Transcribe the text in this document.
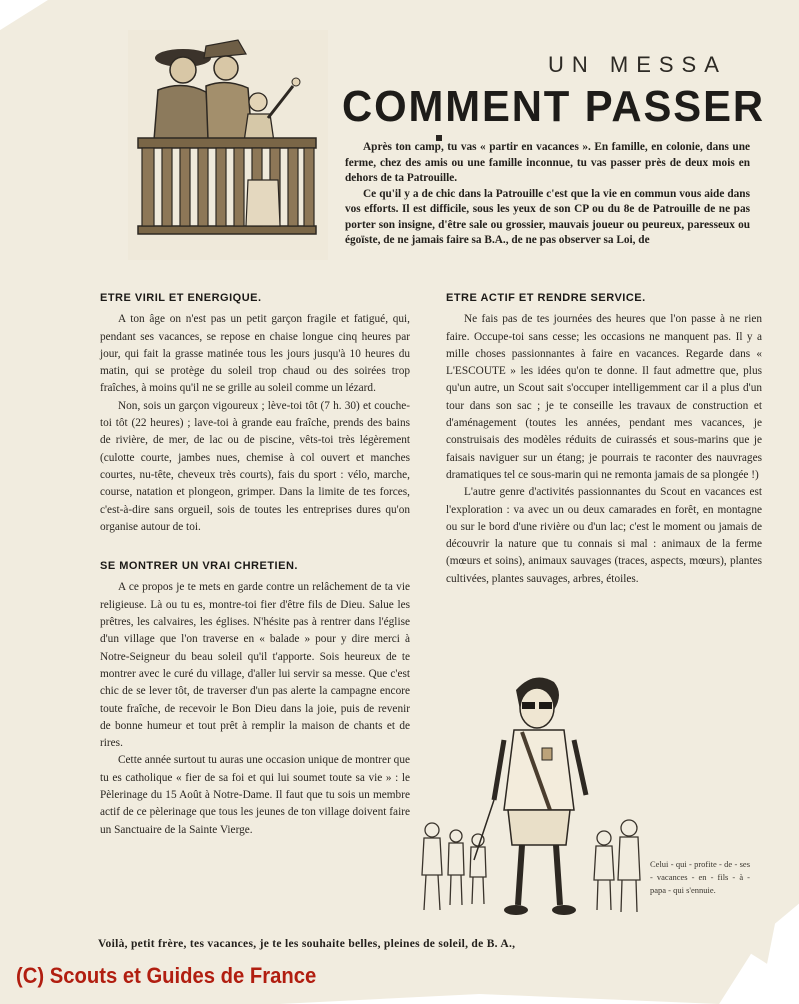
UN MESSA
COMMENT PASSER

Après ton camp, tu vas « partir en vacances ». En famille, en colonie, dans une ferme, chez des amis ou une famille inconnue, tu vas passer près de deux mois en dehors de ta Patrouille.

Ce qu'il y a de chic dans la Patrouille c'est que la vie en commun vous aide dans vos efforts. Il est difficile, sous les yeux de son CP ou du 8e de Patrouille de ne pas porter son insigne, d'être sale ou grossier, mauvais joueur ou peureux, paresseux ou égoïste, de ne jamais faire sa B.A., de ne pas observer sa Loi, de

ETRE VIRIL ET ENERGIQUE.

A ton âge on n'est pas un petit garçon fragile et fatigué, qui, pendant ses vacances, se repose en chaise longue cinq heures par jour, qui fait la grasse matinée tous les jours jusqu'à 10 heures du matin, qui se protège du soleil trop chaud ou des soirées trop fraîches, à moins qu'il ne se grille au soleil comme un lézard.

Non, sois un garçon vigoureux ; lève-toi tôt (7 h. 30) et couche-toi tôt (22 heures) ; lave-toi à grande eau fraîche, prends des bains de rivière, de mer, de lac ou de piscine, vêts-toi très légèrement (culotte courte, jambes nues, chemise à col ouvert et manches courtes, nu-tête, cheveux très courts), fais du sport : vélo, marche, course, natation et plongeon, grimper. Dans la limite de tes forces, c'est-à-dire sans orgueil, sois de toutes les entreprises dures qu'on organise autour de toi.

SE MONTRER UN VRAI CHRETIEN.

A ce propos je te mets en garde contre un relâchement de ta vie religieuse. Là ou tu es, montre-toi fier d'être fils de Dieu. Salue les prêtres, les calvaires, les églises. N'hésite pas à rentrer dans l'église d'un village que l'on traverse en « balade » pour y dire merci à Notre-Seigneur du beau soleil qu'il t'apporte. Sois heureux de te montrer avec le curé du village, d'aller lui servir sa messe. Que c'est chic de se lever tôt, de traverser d'un pas alerte la campagne encore toute fraîche, de recevoir le Bon Dieu dans la joie, puis de revenir de bonne humeur et tout prêt à remplir la maison de chants et de rires.

Cette année surtout tu auras une occasion unique de montrer que tu es catholique « fier de sa foi et qui lui soumet toute sa vie » : le Pèlerinage du 15 Août à Notre-Dame. Il faut que tu sois un membre actif de ce pèlerinage que tous les jeunes de ton village doivent faire un Sanctuaire de la Sainte Vierge.

ETRE ACTIF ET RENDRE SERVICE.

Ne fais pas de tes journées des heures que l'on passe à ne rien faire. Occupe-toi sans cesse; les occasions ne manquent pas. Il y a mille choses passionnantes à faire en vacances. Regarde dans « L'ESCOUTE » les idées qu'on te donne. Il faut admettre que, plus qu'un autre, un Scout sait s'occuper intelligemment car il a plus d'un tour dans son sac ; je te conseille les travaux de construction et d'aménagement (toutes les années, pendant mes vacances, je construisais des modèles réduits de cuirassés et sous-marins que je faisais naviguer sur un étang; je pourrais te raconter des nauvrages dramatiques tel ce sous-marin qui ne remonta jamais de sa plongée !)

L'autre genre d'activités passionnantes du Scout en vacances est l'exploration : va avec un ou deux camarades en forêt, en montagne ou sur le bord d'une rivière ou d'un lac; c'est le moment ou jamais de découvrir la nature que tu connais si mal : animaux de la ferme (mœurs et soins), animaux sauvages (traces, aspects, mœurs), plantes cultivées, plantes sauvages, arbres, étoiles.

Celui - qui - profite - de - ses - vacances - en - fils - à - papa - qui s'ennuie.
Voilà, petit frère, tes vacances, je te les souhaite belles, pleines de soleil, de B. A.,
(C) Scouts et Guides de France
